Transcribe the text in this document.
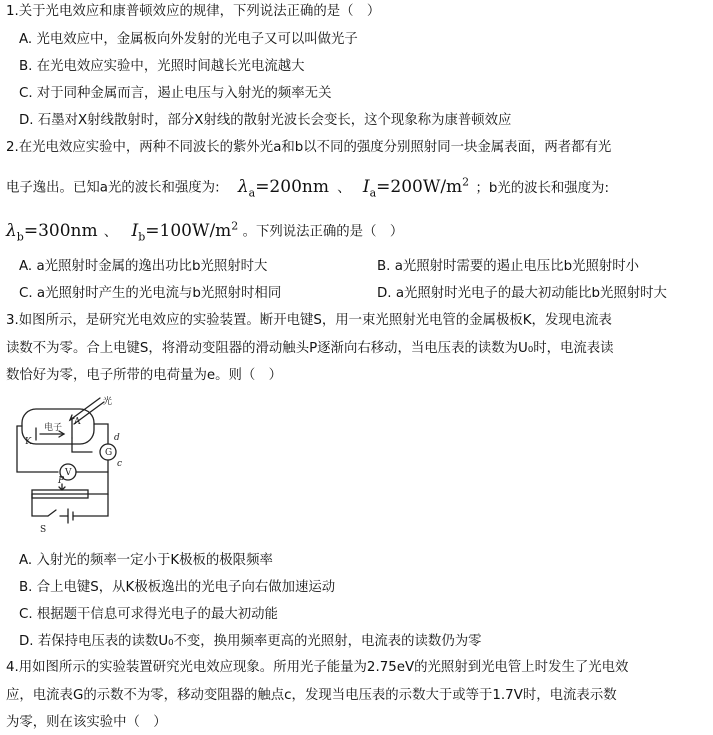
1.关于光电效应和康普顿效应的规律，下列说法正确的是（　）
A. 光电效应中，金属板向外发射的光电子又可以叫做光子
B. 在光电效应实验中，光照时间越长光电流越大
C. 对于同种金属而言，遏止电压与入射光的频率无关
D. 石墨对X射线散射时，部分X射线的散射光波长会变长，这个现象称为康普顿效应
2.在光电效应实验中，两种不同波长的紫外光a和b以不同的强度分别照射同一块金属表面，两者都有光
电子逸出。已知a光的波长和强度为: $\lambda_a=200nm$ 、 $I_a=200W/m^2$ ；b光的波长和强度为:
$\lambda_b=300nm$ 、 $I_b=100W/m^2$ 。下列说法正确的是（　）
A. a光照射时金属的逸出功比b光照射时大	B. a光照射时需要的遏止电压比b光照射时小
C. a光照射时产生的光电流与b光照射时相同	D. a光照射时光电子的最大初动能比b光照射时大
3.如图所示，是研究光电效应的实验装置。断开电键S，用一束光照射光电管的金属极板K，发现电流表
读数不为零。合上电键S，将滑动变阻器的滑动触头P逐渐向右移动，当电压表的读数为U₀时，电流表读
数恰好为零，电子所带的电荷量为e。则（　）
光
A
K
电子
d
G
c
V
P
S
A. 入射光的频率一定小于K极板的极限频率
B. 合上电键S，从K极板逸出的光电子向右做加速运动
C. 根据题干信息可求得光电子的最大初动能
D. 若保持电压表的读数U₀不变，换用频率更高的光照射，电流表的读数仍为零
4.用如图所示的实验装置研究光电效应现象。所用光子能量为2.75eV的光照射到光电管上时发生了光电效
应，电流表G的示数不为零，移动变阻器的触点c，发现当电压表的示数大于或等于1.7V时，电流表示数
为零，则在该实验中（　）
